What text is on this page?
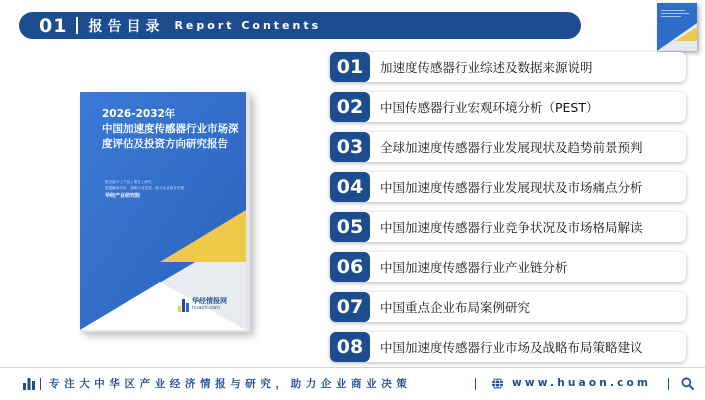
01 报告目录 Report Contents
2026-2032年
中国加速度传感器行业市场深
度评估及投资方向研究报告
报告编号 | 产品 | 报告 | 研究
数据解读分析、战略行业发展、助力企业商业决策
华经产业研究院
华经情报网
huaon.com
01	加速度传感器行业综述及数据来源说明
02	中国传感器行业宏观环境分析（PEST）
03	全球加速度传感器行业发展现状及趋势前景预判
04	中国加速度传感器行业发展现状及市场痛点分析
05	中国加速度传感器行业竞争状况及市场格局解读
06	中国加速度传感器行业产业链分析
07	中国重点企业布局案例研究
08	中国加速度传感器行业市场及战略布局策略建议
专注大中华区产业经济情报与研究，助力企业商业决策	www.huaon.com
